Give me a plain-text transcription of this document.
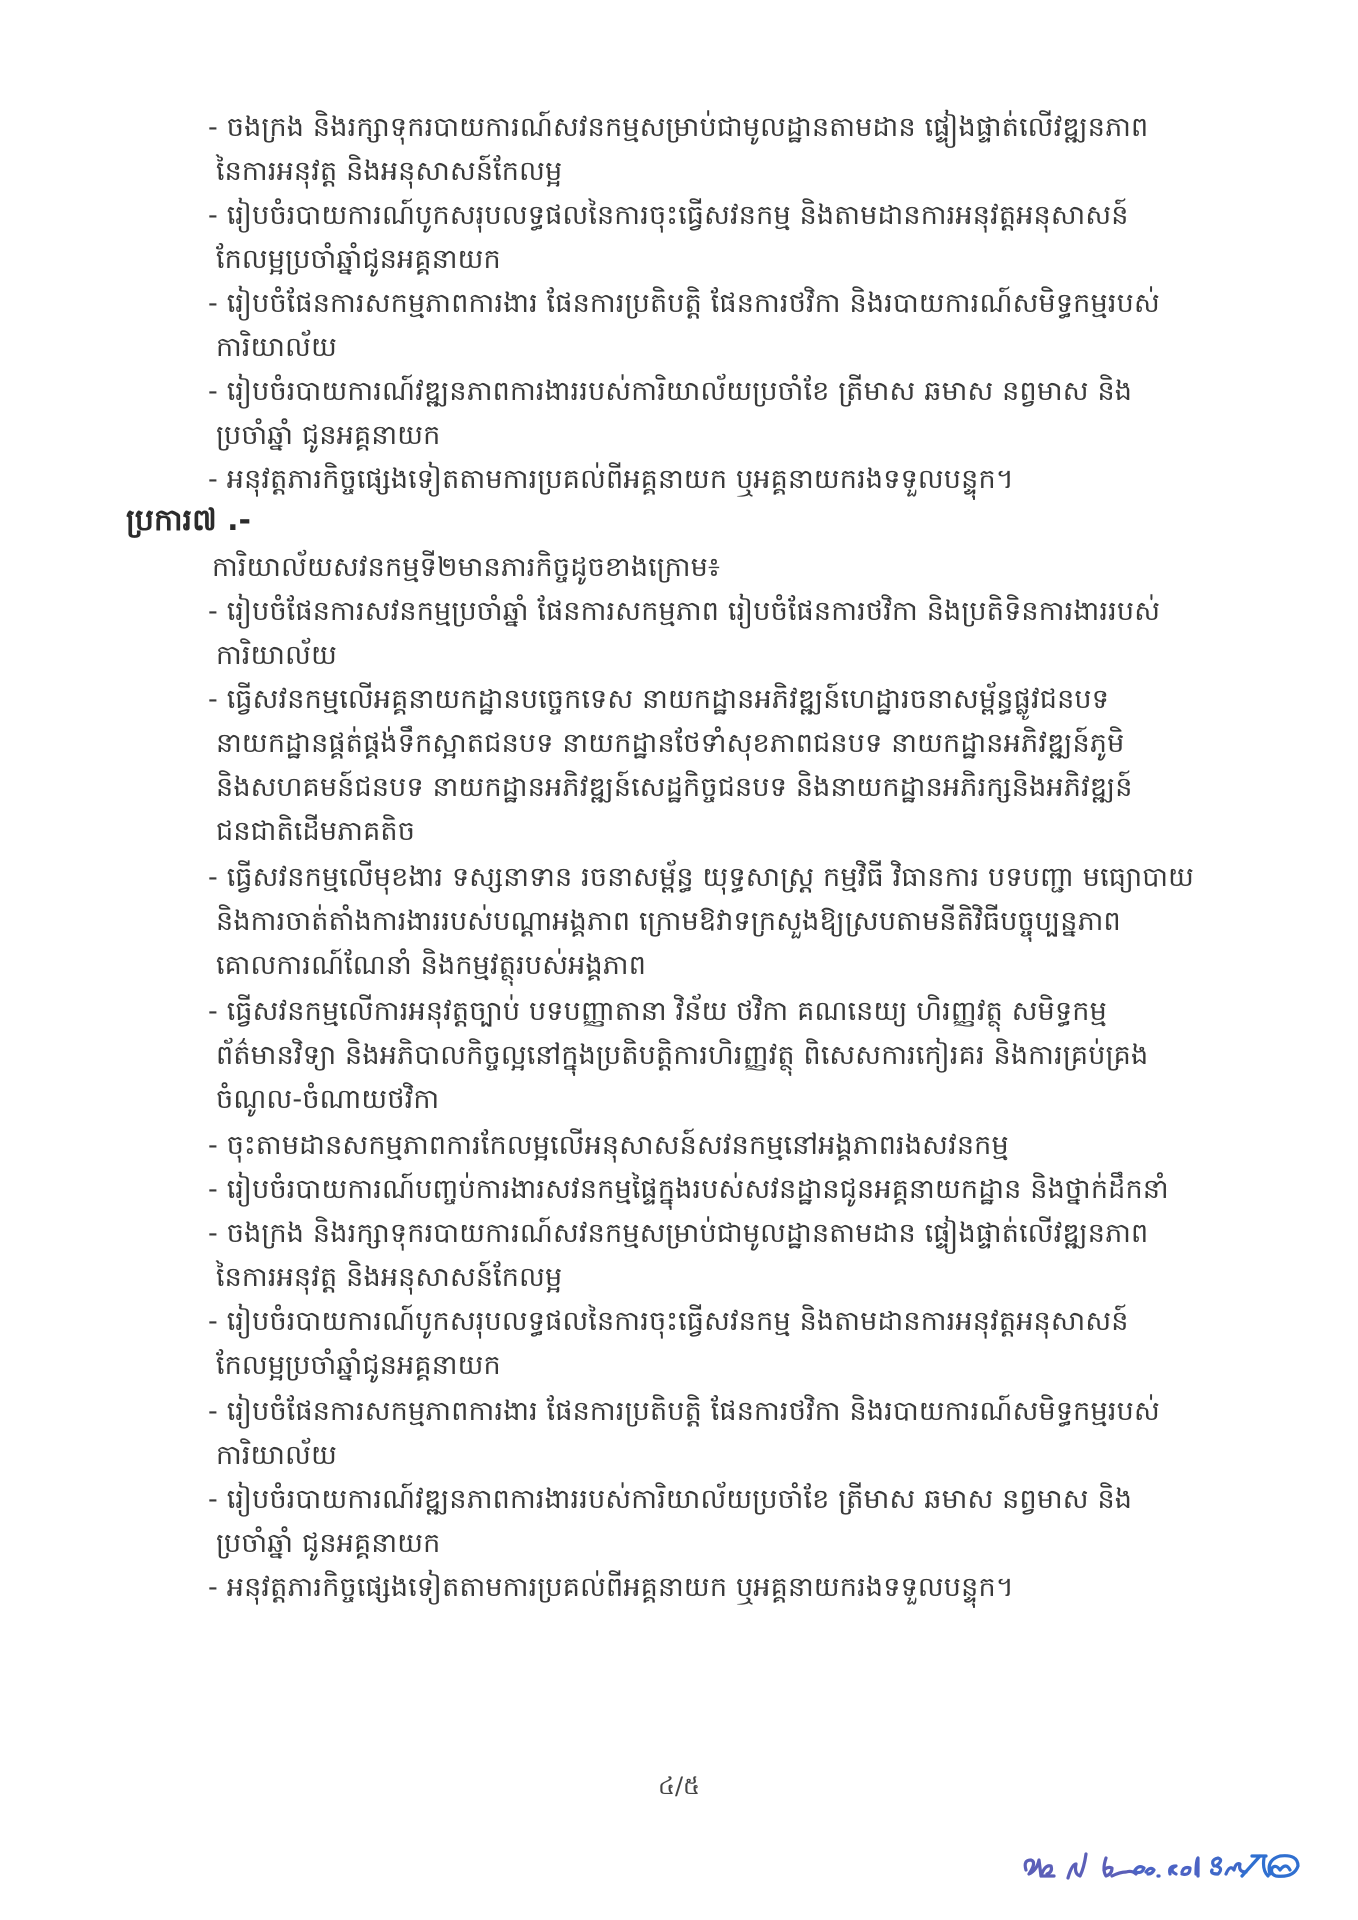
- ចងក្រង និងរក្សាទុករបាយការណ៍សវនកម្មសម្រាប់ជាមូលដ្ឋានតាមដាន ផ្ទៀងផ្ទាត់លើវឌ្ឍនភាព
នៃការអនុវត្ត និងអនុសាសន៍កែលម្អ
- រៀបចំរបាយការណ៍បូកសរុបលទ្ធផលនៃការចុះធ្វើសវនកម្ម និងតាមដានការអនុវត្តអនុសាសន៍
កែលម្អប្រចាំឆ្នាំជូនអគ្គនាយក
- រៀបចំផែនការសកម្មភាពការងារ ផែនការប្រតិបត្តិ ផែនការថវិកា និងរបាយការណ៍សមិទ្ធកម្មរបស់
ការិយាល័យ
- រៀបចំរបាយការណ៍វឌ្ឍនភាពការងាររបស់ការិយាល័យប្រចាំខែ ត្រីមាស ឆមាស នព្វមាស និង
ប្រចាំឆ្នាំ ជូនអគ្គនាយក
- អនុវត្តភារកិច្ចផ្សេងទៀតតាមការប្រគល់ពីអគ្គនាយក ឬអគ្គនាយករងទទួលបន្ទុក។
ប្រការ៧ .-
ការិយាល័យសវនកម្មទី២មានភារកិច្ចដូចខាងក្រោម៖
- រៀបចំផែនការសវនកម្មប្រចាំឆ្នាំ ផែនការសកម្មភាព រៀបចំផែនការថវិកា និងប្រតិទិនការងាររបស់
ការិយាល័យ
- ធ្វើសវនកម្មលើអគ្គនាយកដ្ឋានបច្ចេកទេស នាយកដ្ឋានអភិវឌ្ឍន៍ហេដ្ឋារចនាសម្ព័ន្ធផ្លូវជនបទ
នាយកដ្ឋានផ្គត់ផ្គង់ទឹកស្អាតជនបទ នាយកដ្ឋានថែទាំសុខភាពជនបទ នាយកដ្ឋានអភិវឌ្ឍន៍ភូមិ
និងសហគមន៍ជនបទ នាយកដ្ឋានអភិវឌ្ឍន៍សេដ្ឋកិច្ចជនបទ និងនាយកដ្ឋានអភិរក្សនិងអភិវឌ្ឍន៍
ជនជាតិដើមភាគតិច
- ធ្វើសវនកម្មលើមុខងារ ទស្សនាទាន រចនាសម្ព័ន្ធ យុទ្ធសាស្ត្រ កម្មវិធី វិធានការ បទបញ្ជា មធ្យោបាយ
និងការចាត់តាំងការងាររបស់បណ្តាអង្គភាព ក្រោមឱវាទក្រសួងឱ្យស្របតាមនីតិវិធីបច្ចុប្បន្នភាព
គោលការណ៍ណែនាំ និងកម្មវត្ថុរបស់អង្គភាព
- ធ្វើសវនកម្មលើការអនុវត្តច្បាប់ បទបញ្ញាតានា វិន័យ ថវិកា គណនេយ្យ ហិរញ្ញវត្ថុ សមិទ្ធកម្ម
ព័ត៌មានវិទ្យា និងអភិបាលកិច្ចល្អនៅក្នុងប្រតិបត្តិការហិរញ្ញវត្ថុ ពិសេសការកៀរគរ និងការគ្រប់គ្រង
ចំណូល-ចំណាយថវិកា
- ចុះតាមដានសកម្មភាពការកែលម្អលើអនុសាសន៍សវនកម្មនៅអង្គភាពរងសវនកម្ម
- រៀបចំរបាយការណ៍បញ្ចប់ការងារសវនកម្មផ្ទៃក្នុងរបស់សវនដ្ឋានជូនអគ្គនាយកដ្ឋាន និងថ្នាក់ដឹកនាំ
- ចងក្រង និងរក្សាទុករបាយការណ៍សវនកម្មសម្រាប់ជាមូលដ្ឋានតាមដាន ផ្ទៀងផ្ទាត់លើវឌ្ឍនភាព
នៃការអនុវត្ត និងអនុសាសន៍កែលម្អ
- រៀបចំរបាយការណ៍បូកសរុបលទ្ធផលនៃការចុះធ្វើសវនកម្ម និងតាមដានការអនុវត្តអនុសាសន៍
កែលម្អប្រចាំឆ្នាំជូនអគ្គនាយក
- រៀបចំផែនការសកម្មភាពការងារ ផែនការប្រតិបត្តិ ផែនការថវិកា និងរបាយការណ៍សមិទ្ធកម្មរបស់
ការិយាល័យ
- រៀបចំរបាយការណ៍វឌ្ឍនភាពការងាររបស់ការិយាល័យប្រចាំខែ ត្រីមាស ឆមាស នព្វមាស និង
ប្រចាំឆ្នាំ ជូនអគ្គនាយក
- អនុវត្តភារកិច្ចផ្សេងទៀតតាមការប្រគល់ពីអគ្គនាយក ឬអគ្គនាយករងទទួលបន្ទុក។
៤/៥
